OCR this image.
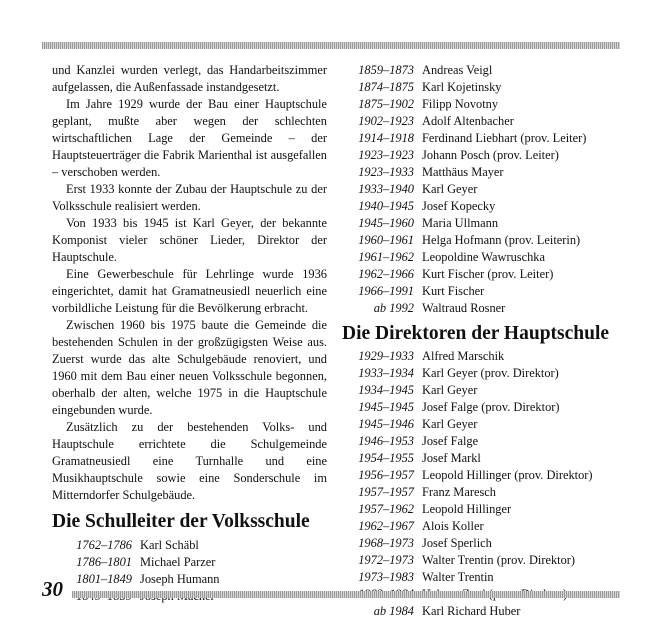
und Kanzlei wurden verlegt, das Handarbeitszimmer aufgelassen, die Außenfassade instandgesetzt.

Im Jahre 1929 wurde der Bau einer Hauptschule geplant, mußte aber wegen der schlechten wirtschaftlichen Lage der Gemeinde – der Hauptsteuerträger die Fabrik Marienthal ist ausgefallen – verschoben werden.

Erst 1933 konnte der Zubau der Hauptschule zu der Volksschule realisiert werden.

Von 1933 bis 1945 ist Karl Geyer, der bekannte Komponist vieler schöner Lieder, Direktor der Hauptschule.

Eine Gewerbeschule für Lehrlinge wurde 1936 eingerichtet, damit hat Gramatneusiedl neuerlich eine vorbildliche Leistung für die Bevölkerung erbracht.

Zwischen 1960 bis 1975 baute die Gemeinde die bestehenden Schulen in der großzügigsten Weise aus. Zuerst wurde das alte Schulgebäude renoviert, und 1960 mit dem Bau einer neuen Volksschule begonnen, oberhalb der alten, welche 1975 in die Hauptschule eingebunden wurde.

Zusätzlich zu der bestehenden Volks- und Hauptschule errichtete die Schulgemeinde Gramatneusiedl eine Turnhalle und eine Musikhauptschule sowie eine Sonderschule im Mitterndorfer Schulgebäude.

Die Schulleiter der Volksschule
1762–1786 Karl Schäbl
1786–1801 Michael Parzer
1801–1849 Joseph Humann
1859–1873 Andreas Veigl
1874–1875 Karl Kojetinsky
1875–1902 Filipp Novotny
1902–1923 Adolf Altenbacher
1914–1918 Ferdinand Liebhart (prov. Leiter)
1923–1923 Johann Posch (prov. Leiter)
1923–1933 Matthäus Mayer
1933–1940 Karl Geyer
1940–1945 Josef Kopecky
1945–1960 Maria Ullmann
1960–1961 Helga Hofmann (prov. Leiterin)
1961–1962 Leopoldine Wawruschka
1962–1966 Kurt Fischer (prov. Leiter)
1966–1991 Kurt Fischer
ab 1992 Waltraud Rosner
Die Direktoren der Hauptschule
1929–1933 Alfred Marschik
1933–1934 Karl Geyer (prov. Direktor)
1934–1945 Karl Geyer
1945–1945 Josef Falge (prov. Direktor)
1945–1946 Karl Geyer
1946–1953 Josef Falge
1954–1955 Josef Markl
1956–1957 Leopold Hillinger (prov. Direktor)
1957–1957 Franz Maresch
1957–1962 Leopold Hillinger
1962–1967 Alois Koller
1968–1973 Josef Sperlich
1972–1973 Walter Trentin (prov. Direktor)
1973–1983 Walter Trentin
ab 1984 Karl Richard Huber
30
